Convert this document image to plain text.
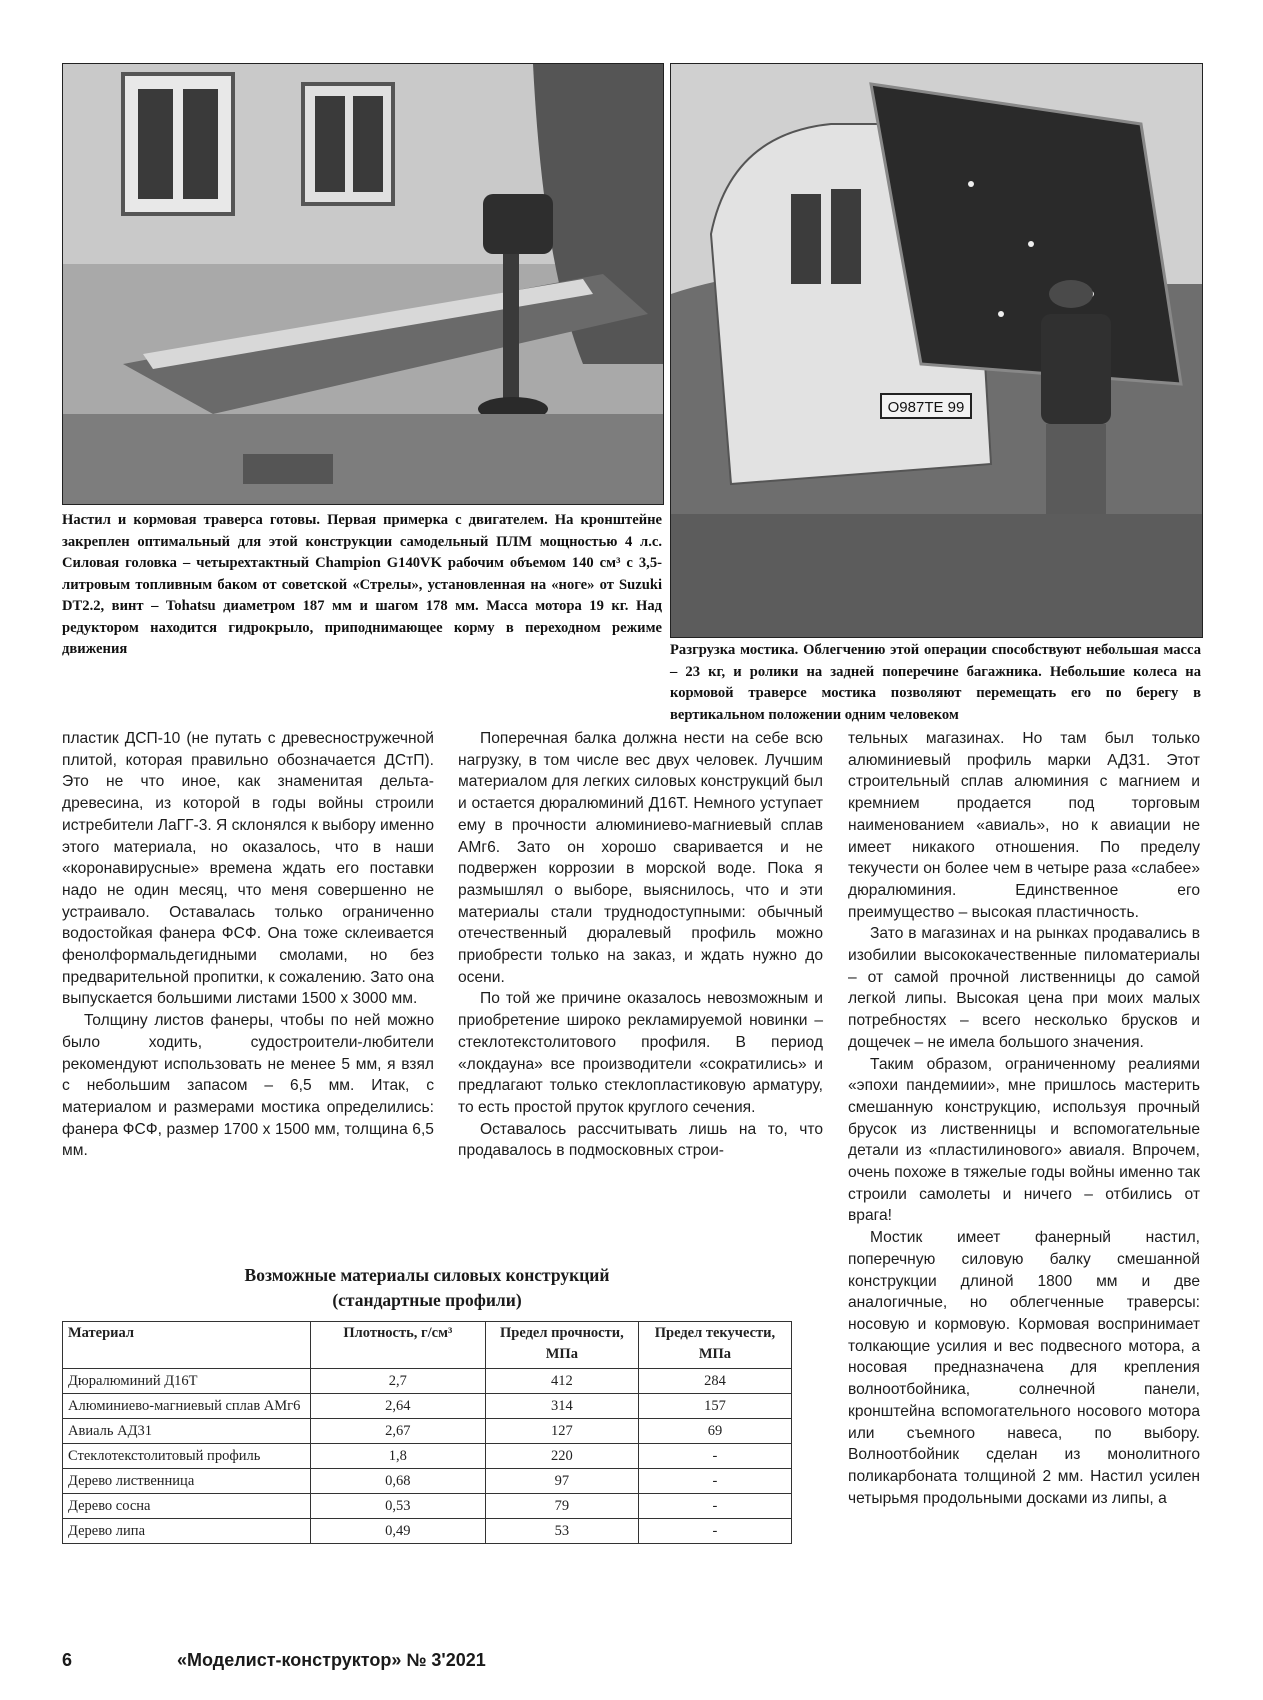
О987ТЕ 99

Настил и кормовая траверса готовы. Первая примерка с двигателем. На кронштейне закреплен оптимальный для этой конструкции самодельный ПЛМ мощностью 4 л.с. Силовая головка – четырехтактный Champion G140VK рабочим объемом 140 см³ с 3,5-литровым топливным баком от советской «Стрелы», установленная на «ноге» от Suzuki DT2.2, винт – Tohatsu диаметром 187 мм и шагом 178 мм. Масса мотора 19 кг. Над редуктором находится гидрокрыло, приподнимающее корму в переходном режиме движения	Разгрузка мостика. Облегчению этой операции способствуют небольшая масса – 23 кг, и ролики на задней поперечине багажника. Небольшие колеса на кормовой траверсе мостика позволяют перемещать его по берегу в вертикальном положении одним человеком

пластик ДСП-10 (не путать с древесностружечной плитой, которая правильно обозначается ДСтП). Это не что иное, как знаменитая дельта-древесина, из которой в годы войны строили истребители ЛаГГ-3. Я склонялся к выбору именно этого материала, но оказалось, что в наши «коронавирусные» времена ждать его поставки надо не один месяц, что меня совершенно не устраивало. Оставалась только ограниченно водостойкая фанера ФСФ. Она тоже склеивается фенолформальдегидными смолами, но без предварительной пропитки, к сожалению. Зато она выпускается большими листами 1500 х 3000 мм.

Толщину листов фанеры, чтобы по ней можно было ходить, судостроители-любители рекомендуют использовать не менее 5 мм, я взял с небольшим запасом – 6,5 мм. Итак, с материалом и размерами мостика определились: фанера ФСФ, размер 1700 х 1500 мм, толщина 6,5 мм.

Поперечная балка должна нести на себе всю нагрузку, в том числе вес двух человек. Лучшим материалом для легких силовых конструкций был и остается дюралюминий Д16Т. Немного уступает ему в прочности алюминиево-магниевый сплав АМг6. Зато он хорошо сваривается и не подвержен коррозии в морской воде. Пока я размышлял о выборе, выяснилось, что и эти материалы стали труднодоступными: обычный отечественный дюралевый профиль можно приобрести только на заказ, и ждать нужно до осени.

По той же причине оказалось невозможным и приобретение широко рекламируемой новинки – стеклотекстолитового профиля. В период «локдауна» все производители «сократились» и предлагают только стеклопластиковую арматуру, то есть простой пруток круглого сечения.

Оставалось рассчитывать лишь на то, что продавалось в подмосковных строи-

тельных магазинах. Но там был только алюминиевый профиль марки АД31. Этот строительный сплав алюминия с магнием и кремнием продается под торговым наименованием «авиаль», но к авиации не имеет никакого отношения. По пределу текучести он более чем в четыре раза «слабее» дюралюминия. Единственное его преимущество – высокая пластичность.

Зато в магазинах и на рынках продавались в изобилии высококачественные пиломатериалы – от самой прочной лиственницы до самой легкой липы. Высокая цена при моих малых потребностях – всего несколько брусков и дощечек – не имела большого значения.

Таким образом, ограниченному реалиями «эпохи пандемиии», мне пришлось мастерить смешанную конструкцию, используя прочный брусок из лиственницы и вспомогательные детали из «пластилинового» авиаля. Впрочем, очень похоже в тяжелые годы войны именно так строили самолеты и ничего – отбились от врага!

Мостик имеет фанерный настил, поперечную силовую балку смешанной конструкции длиной 1800 мм и две аналогичные, но облегченные траверсы: носовую и кормовую. Кормовая воспринимает толкающие усилия и вес подвесного мотора, а носовая предназначена для крепления волноотбойника, солнечной панели, кронштейна вспомогательного носового мотора или съемного навеса, по выбору. Волноотбойник сделан из монолитного поликарбоната толщиной 2 мм. Настил усилен четырьмя продольными досками из липы, а

Возможные материалы силовых конструкций
(стандартные профили)
Материал	Плотность, г/см³	Предел прочности, МПа	Предел текучести, МПа
Дюралюминий Д16Т	2,7	412	284
Алюминиево-магниевый сплав АМг6	2,64	314	157
Авиаль АД31	2,67	127	69
Стеклотекстолитовый профиль	1,8	220	-
Дерево лиственница	0,68	97	-
Дерево сосна	0,53	79	-
Дерево липа	0,49	53	-
6	«Моделист-конструктор» № 3'2021
